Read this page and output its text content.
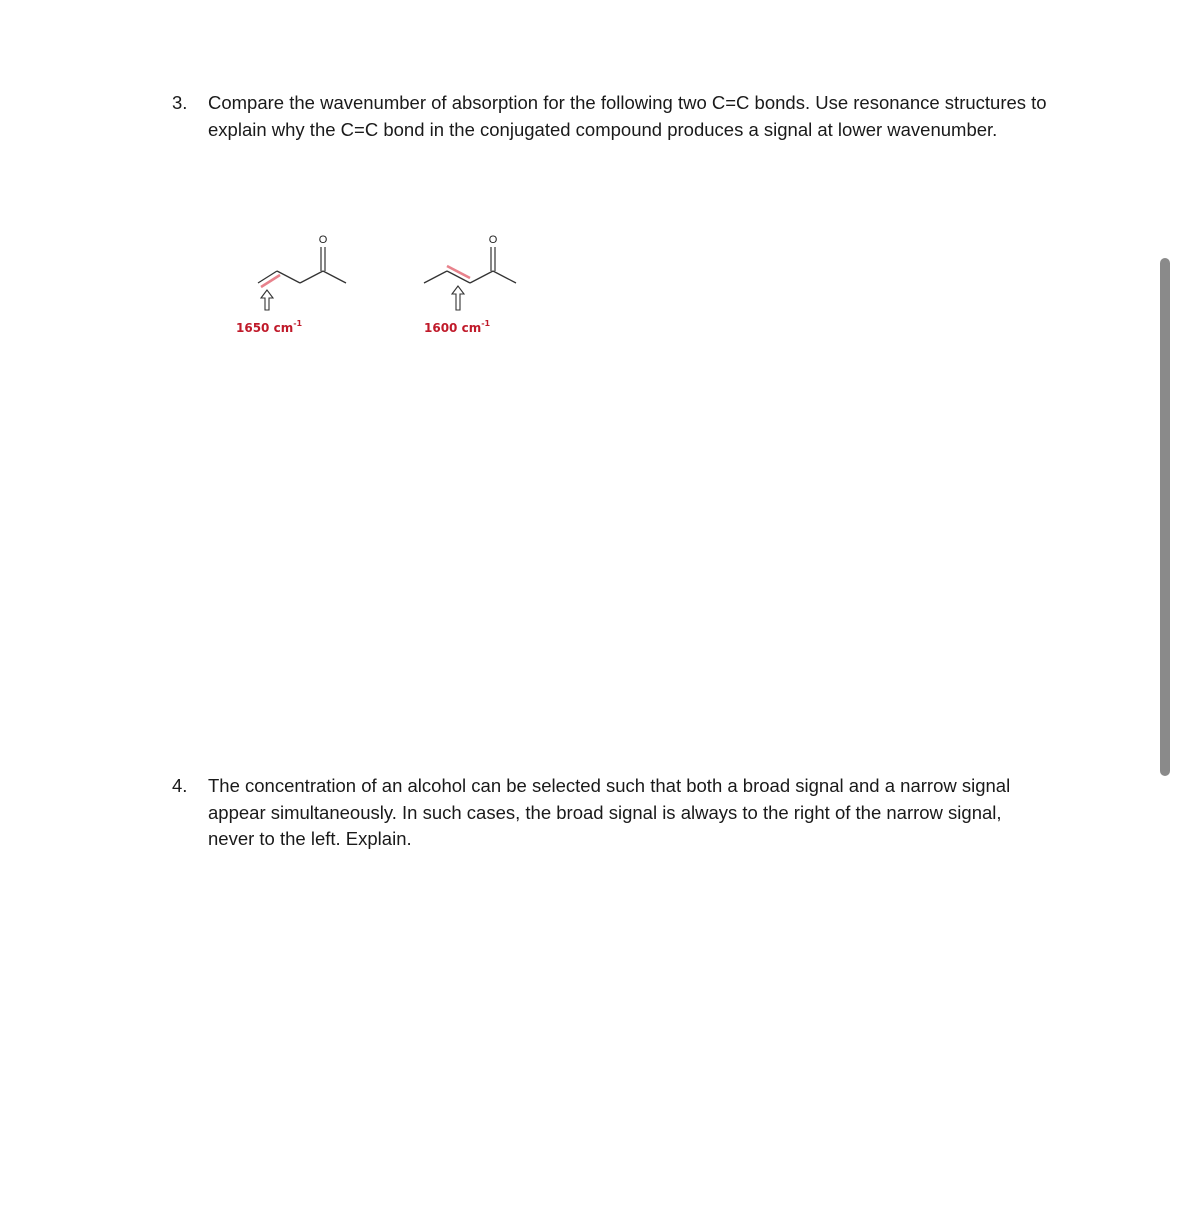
3.	Compare the wavenumber of absorption for the following two C=C bonds. Use resonance structures to explain why the C=C bond in the conjugated compound produces a signal at lower wavenumber.
O
1650 $cm^{-1}$
O
1600 $cm^{-1}$
4.	The concentration of an alcohol can be selected such that both a broad signal and a narrow signal appear simultaneously. In such cases, the broad signal is always to the right of the narrow signal, never to the left. Explain.
